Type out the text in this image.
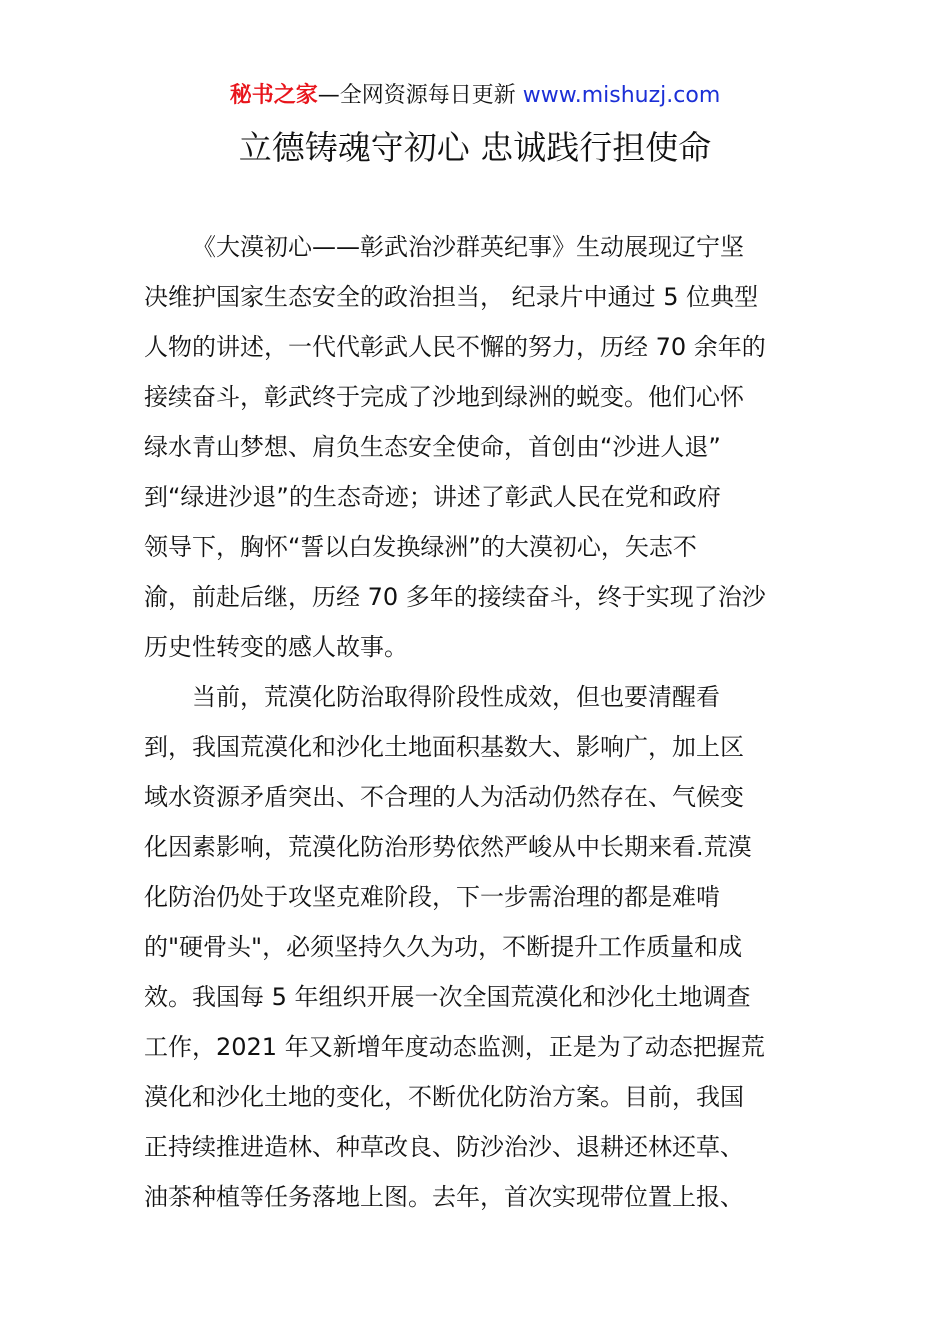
秘书之家—全网资源每日更新 www.mishuzj.com
立德铸魂守初心 忠诚践行担使命
《大漠初心——彰武治沙群英纪事》生动展现辽宁坚
决维护国家生态安全的政治担当， 纪录片中通过 5 位典型
人物的讲述，一代代彰武人民不懈的努力，历经 70 余年的
接续奋斗，彰武终于完成了沙地到绿洲的蜕变。他们心怀
绿水青山梦想、肩负生态安全使命，首创由“沙进人退”
到“绿进沙退”的生态奇迹；讲述了彰武人民在党和政府
领导下，胸怀“誓以白发换绿洲”的大漠初心，矢志不
渝，前赴后继，历经 70 多年的接续奋斗，终于实现了治沙
历史性转变的感人故事。
当前，荒漠化防治取得阶段性成效，但也要清醒看
到，我国荒漠化和沙化土地面积基数大、影响广，加上区
域水资源矛盾突出、不合理的人为活动仍然存在、气候变
化因素影响，荒漠化防治形势依然严峻从中长期来看.荒漠
化防治仍处于攻坚克难阶段，下一步需治理的都是难啃
的"硬骨头"，必须坚持久久为功，不断提升工作质量和成
效。我国每 5 年组织开展一次全国荒漠化和沙化土地调查
工作，2021 年又新增年度动态监测，正是为了动态把握荒
漠化和沙化土地的变化，不断优化防治方案。目前，我国
正持续推进造林、种草改良、防沙治沙、退耕还林还草、
油茶种植等任务落地上图。去年，首次实现带位置上报、
